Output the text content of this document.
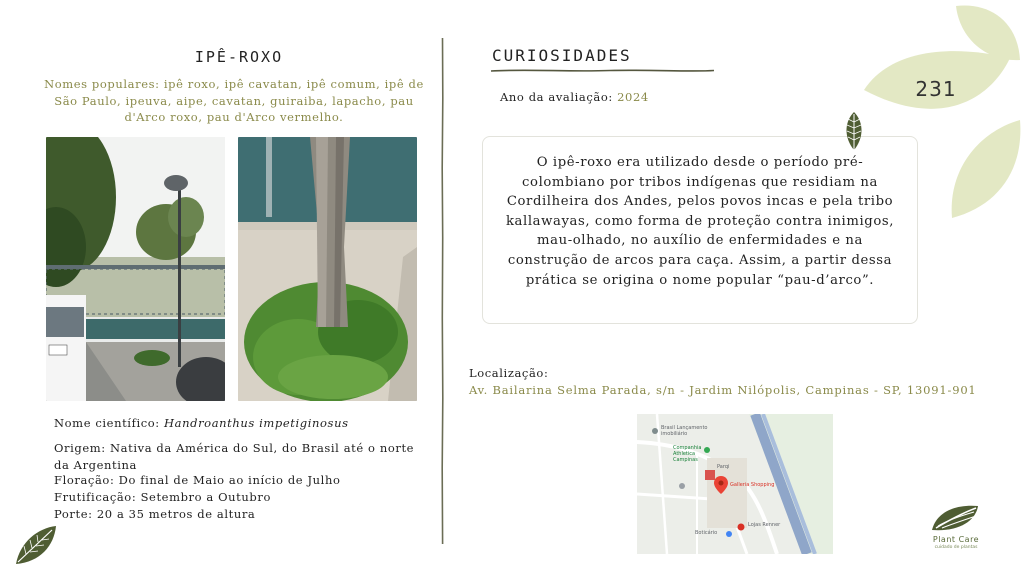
IPÊ-ROXO
Nomes populares: ipê roxo, ipê cavatan, ipê comum, ipê de São Paulo, ipeuva, aipe, cavatan, guiraiba, lapacho, pau d'Arco roxo, pau d'Arco vermelho.
Nome científico: Handroanthus impetiginosus
Origem: Nativa da América do Sul, do Brasil até o norte da Argentina
Floração: Do final de Maio ao início de Julho
Frutificação: Setembro a Outubro
Porte: 20 a 35 metros de altura
CURIOSIDADES
Ano da avaliação: 2024
O ipê-roxo era utilizado desde o período pré-colombiano por tribos indígenas que residiam na Cordilheira dos Andes, pelos povos incas e pela tribo kallawayas, como forma de proteção contra inimigos, mau-olhado, no auxílio de enfermidades e na construção de arcos para caça. Assim, a partir dessa prática se origina o nome popular “pau-d’arco”.
231
Localização:
Av. Bailarina Selma Parada, s/n - Jardim Nilópolis, Campinas - SP, 13091-901
Brasil Lançamento imobiliário
Companhia Athletica Campinas
Parqi
Galleria Shopping
Lojas Renner
Boticário
Plant Care
cuidado de plantas
